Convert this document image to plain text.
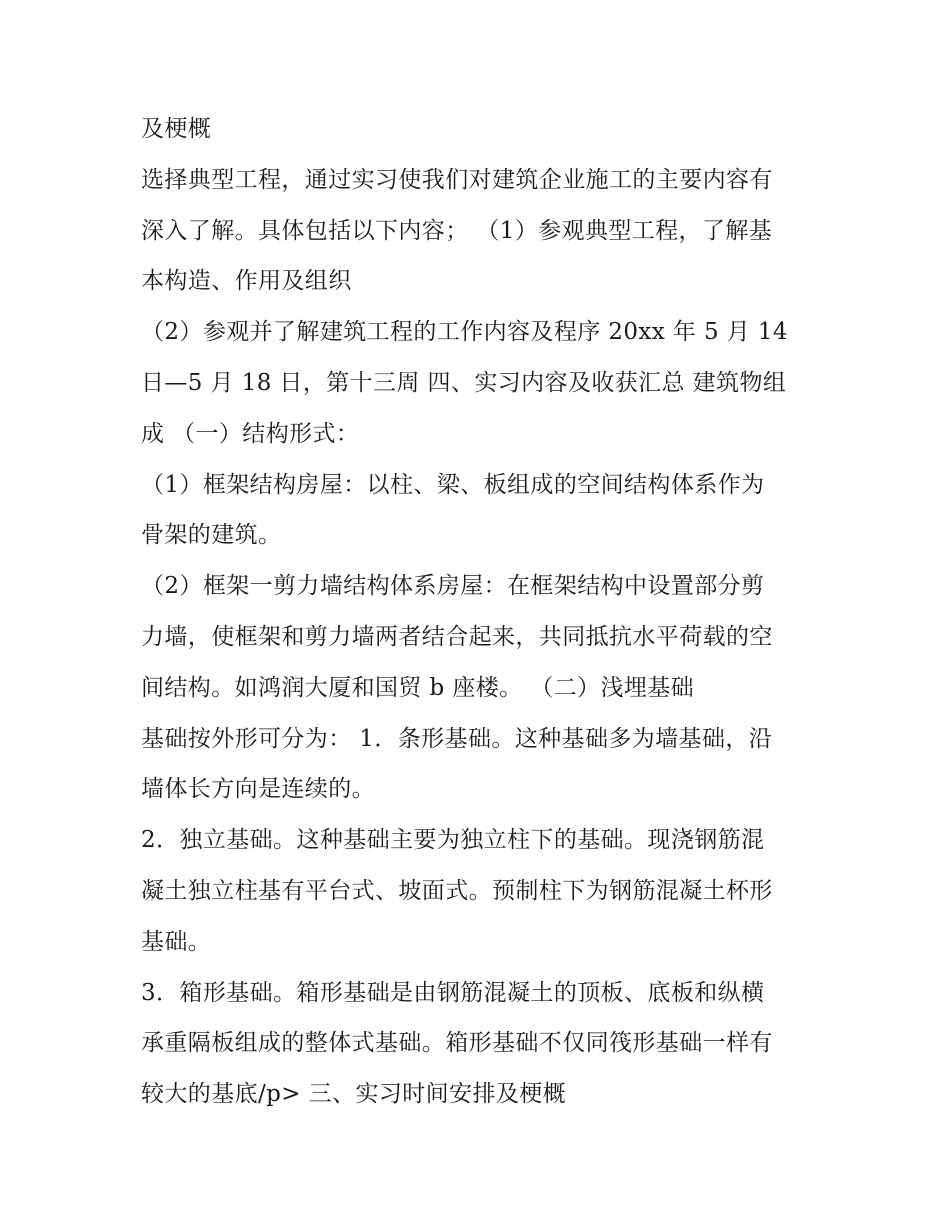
及梗概
选择典型工程，通过实习使我们对建筑企业施工的主要内容有
深入了解。具体包括以下内容； （1）参观典型工程，了解基
本构造、作用及组织
（2）参观并了解建筑工程的工作内容及程序 20xx 年 5 月 14
日—5 月 18 日，第十三周 四、实习内容及收获汇总 建筑物组
成 （一）结构形式：
（1）框架结构房屋：以柱、梁、板组成的空间结构体系作为
骨架的建筑。
（2）框架一剪力墙结构体系房屋：在框架结构中设置部分剪
力墙，使框架和剪力墙两者结合起来，共同抵抗水平荷载的空
间结构。如鸿润大厦和国贸 b 座楼。 （二）浅埋基础
基础按外形可分为： 1．条形基础。这种基础多为墙基础，沿
墙体长方向是连续的。
2．独立基础。这种基础主要为独立柱下的基础。现浇钢筋混
凝土独立柱基有平台式、坡面式。预制柱下为钢筋混凝土杯形
基础。
3．箱形基础。箱形基础是由钢筋混凝土的顶板、底板和纵横
承重隔板组成的整体式基础。箱形基础不仅同筏形基础一样有
较大的基底/p> 三、实习时间安排及梗概
